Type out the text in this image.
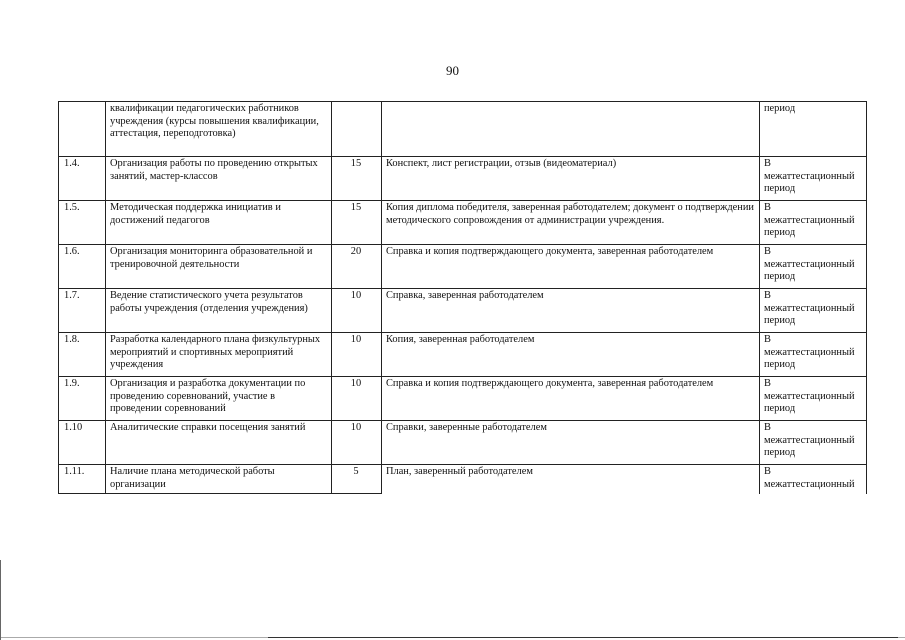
90
	квалификации педагогических работников учреждения (курсы повышения квалификации, аттестация, переподготовка)			период
1.4.	Организация работы по проведению открытых занятий, мастер-классов	15	Конспект, лист регистрации, отзыв (видеоматериал)	В межаттестационный период
1.5.	Методическая поддержка инициатив и достижений педагогов	15	Копия диплома победителя, заверенная работодателем; документ о подтверждении методического сопровождения от администрации учреждения.	В межаттестационный период
1.6.	Организация мониторинга образовательной и тренировочной деятельности	20	Справка и копия подтверждающего документа, заверенная работодателем	В межаттестационный период
1.7.	Ведение статистического учета результатов работы учреждения (отделения учреждения)	10	Справка, заверенная работодателем	В межаттестационный период
1.8.	Разработка календарного плана физкультурных мероприятий и спортивных мероприятий учреждения	10	Копия, заверенная работодателем	В межаттестационный период
1.9.	Организация и разработка документации по проведению соревнований, участие в проведении соревнований	10	Справка и копия подтверждающего документа, заверенная работодателем	В межаттестационный период
1.10	Аналитические справки посещения занятий	10	Справки, заверенные работодателем	В межаттестационный период
1.11.	Наличие плана методической работы организации	5	План, заверенный работодателем	В межаттестационный
